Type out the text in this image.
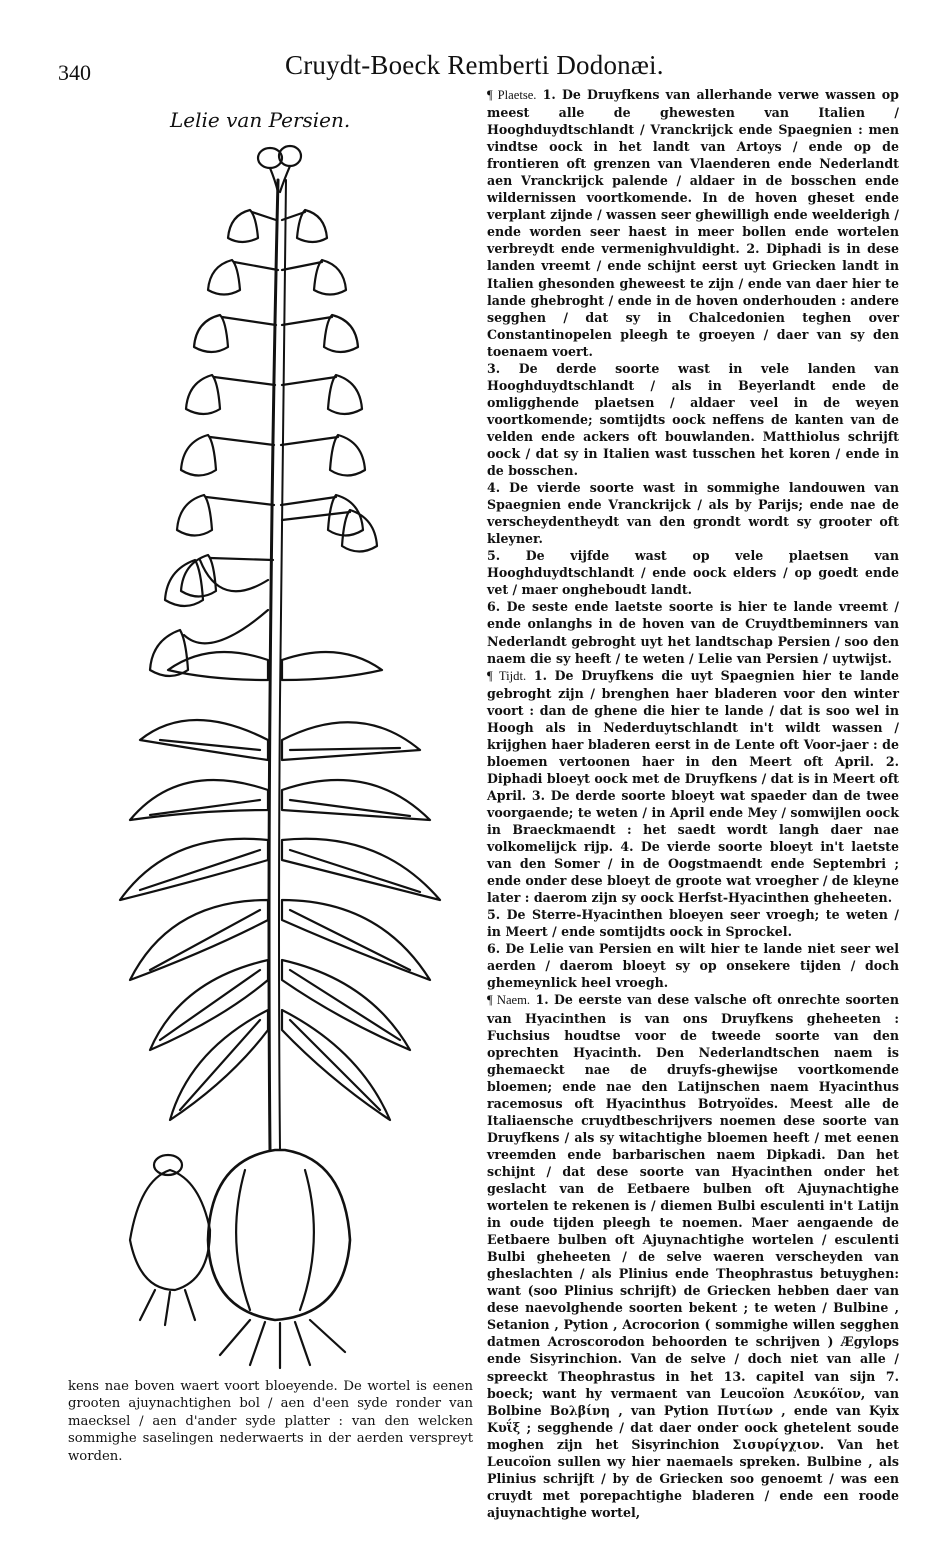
340	Cruydt-Boeck Remberti Dodonæi.
Lelie van Persien.
kens nae boven waert voort bloeyende. De wortel is eenen grooten ajuynachtighen bol / aen d'een syde ronder van maecksel / aen d'ander syde platter : van den welcken sommighe saselingen nederwaerts in der aerden verspreyt worden.

¶ Plaetse. 1. De Druyfkens van allerhande verwe wassen op meest alle de ghewesten van Italien / Hooghduydtschlandt / Vranckrijck ende Spaegnien : men vindtse oock in het landt van Artoys / ende op de frontieren oft grenzen van Vlaenderen ende Nederlandt aen Vranckrijck palende / aldaer in de bosschen ende wildernissen voortkomende. In de hoven gheset ende verplant zijnde / wassen seer ghewilligh ende weelderigh / ende worden seer haest in meer bollen ende wortelen verbreydt ende vermenighvuldight. 2. Diphadi is in dese landen vreemt / ende schijnt eerst uyt Griecken landt in Italien ghesonden gheweest te zijn / ende van daer hier te lande ghebroght / ende in de hoven onderhouden : andere segghen / dat sy in Chalcedonien teghen over Constantinopelen pleegh te groeyen / daer van sy den toenaem voert.

3. De derde soorte wast in vele landen van Hooghduydtschlandt / als in Beyerlandt ende de omligghende plaetsen / aldaer veel in de weyen voortkomende; somtijdts oock neffens de kanten van de velden ende ackers oft bouwlanden. Matthiolus schrijft oock / dat sy in Italien wast tusschen het koren / ende in de bosschen.

4. De vierde soorte wast in sommighe landouwen van Spaegnien ende Vranckrijck / als by Parijs; ende nae de verscheydentheydt van den grondt wordt sy grooter oft kleyner.

5. De vijfde wast op vele plaetsen van Hooghduydtschlandt / ende oock elders / op goedt ende vet / maer ongheboudt landt.

6. De seste ende laetste soorte is hier te lande vreemt / ende onlanghs in de hoven van de Cruydtbeminners van Nederlandt gebroght uyt het landtschap Persien / soo den naem die sy heeft / te weten / Lelie van Persien / uytwijst.

¶ Tijdt. 1. De Druyfkens die uyt Spaegnien hier te lande gebroght zijn / brenghen haer bladeren voor den winter voort : dan de ghene die hier te lande / dat is soo wel in Hoogh als in Nederduytschlandt in't wildt wassen / krijghen haer bladeren eerst in de Lente oft Voor-jaer : de bloemen vertoonen haer in den Meert oft April. 2. Diphadi bloeyt oock met de Druyfkens / dat is in Meert oft April. 3. De derde soorte bloeyt wat spaeder dan de twee voorgaende; te weten / in April ende Mey / somwijlen oock in Braeckmaendt : het saedt wordt langh daer nae volkomelijck rijp. 4. De vierde soorte bloeyt in't laetste van den Somer / in de Oogstmaendt ende Septembri ; ende onder dese bloeyt de groote wat vroegher / de kleyne later : daerom zijn sy oock Herfst-Hyacinthen gheheeten.

5. De Sterre-Hyacinthen bloeyen seer vroegh; te weten / in Meert / ende somtijdts oock in Sprockel.

6. De Lelie van Persien en wilt hier te lande niet seer wel aerden / daerom bloeyt sy op onsekere tijden / doch ghemeynlick heel vroegh.

¶ Naem. 1. De eerste van dese valsche oft onrechte soorten van Hyacinthen is van ons Druyfkens gheheeten : Fuchsius houdtse voor de tweede soorte van den oprechten Hyacinth. Den Nederlandtschen naem is ghemaeckt nae de druyfs-ghewijse voortkomende bloemen; ende nae den Latijnschen naem Hyacinthus racemosus oft Hyacinthus Botryoïdes. Meest alle de Italiaensche cruydtbeschrijvers noemen dese soorte van Druyfkens / als sy witachtighe bloemen heeft / met eenen vreemden ende barbarischen naem Dipkadi. Dan het schijnt / dat dese soorte van Hyacinthen onder het geslacht van de Eetbaere bulben oft Ajuynachtighe wortelen te rekenen is / diemen Bulbi esculenti in't Latijn in oude tijden pleegh te noemen. Maer aengaende de Eetbaere bulben oft Ajuynachtighe wortelen / esculenti Bulbi gheheeten / de selve waeren verscheyden van gheslachten / als Plinius ende Theophrastus betuyghen: want (soo Plinius schrijft) de Griecken hebben daer van dese naevolghende soorten bekent ; te weten / Bulbine , Setanion , Pytion , Acrocorion ( sommighe willen segghen datmen Acroscorodon behoorden te schrijven ) Ægylops ende Sisyrinchion. Van de selve / doch niet van alle / spreeckt Theophrastus in het 13. capitel van sijn 7. boeck; want hy vermaent van Leucoïon Λευκόϊον, van Bolbine Βολβίνη , van Pytion Πυτίων , ende van Kyix Κυΐξ ; segghende / dat daer onder oock ghetelent soude moghen zijn het Sisyrinchion Σισυρίγχιον. Van het Leucoïon sullen wy hier naemaels spreken. Bulbine , als Plinius schrijft / by de Griecken soo genoemt / was een cruydt met porepachtighe bladeren / ende een roode ajuynachtighe wortel,
